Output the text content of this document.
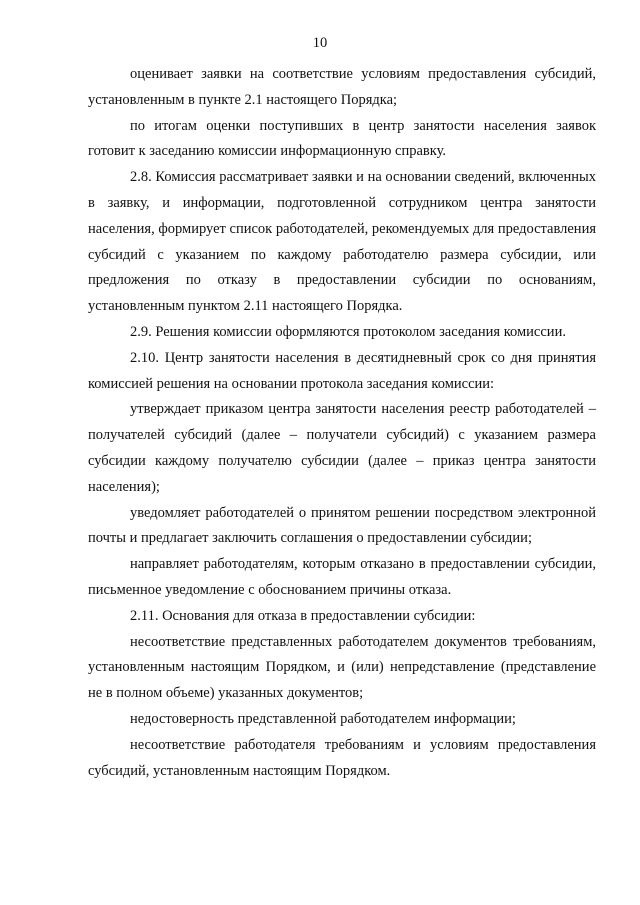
10

оценивает заявки на соответствие условиям предоставления субсидий, установленным в пункте 2.1 настоящего Порядка;

по итогам оценки поступивших в центр занятости населения заявок готовит к заседанию комиссии информационную справку.

2.8. Комиссия рассматривает заявки и на основании сведений, включенных в заявку, и информации, подготовленной сотрудником центра занятости населения, формирует список работодателей, рекомендуемых для предоставления субсидий с указанием по каждому работодателю размера субсидии, или предложения по отказу в предоставлении субсидии по основаниям, установленным пунктом 2.11 настоящего Порядка.

2.9. Решения комиссии оформляются протоколом заседания комиссии.

2.10. Центр занятости населения в десятидневный срок со дня принятия комиссией решения на основании протокола заседания комиссии:

утверждает приказом центра занятости населения реестр работодателей – получателей субсидий (далее – получатели субсидий) с указанием размера субсидии каждому получателю субсидии (далее – приказ центра занятости населения);

уведомляет работодателей о принятом решении посредством электронной почты и предлагает заключить соглашения о предоставлении субсидии;

направляет работодателям, которым отказано в предоставлении субсидии, письменное уведомление с обоснованием причины отказа.

2.11. Основания для отказа в предоставлении субсидии:

несоответствие представленных работодателем документов требованиям, установленным настоящим Порядком, и (или) непредставление (представление не в полном объеме) указанных документов;

недостоверность представленной работодателем информации;

несоответствие работодателя требованиям и условиям предоставления субсидий, установленным настоящим Порядком.
